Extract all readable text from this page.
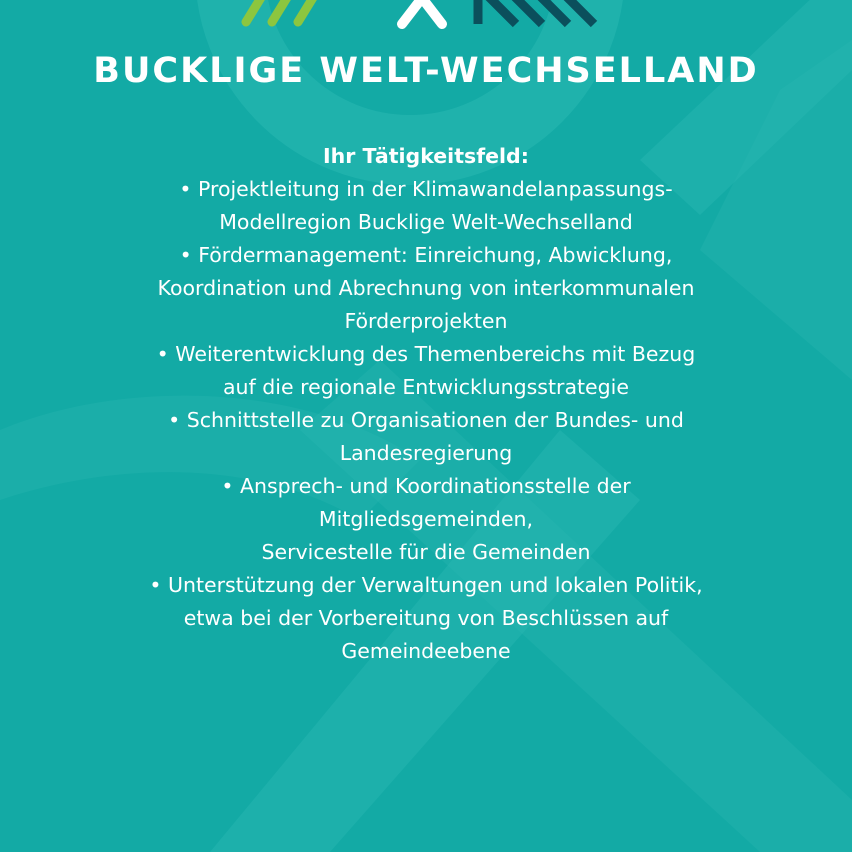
BUCKLIGE WELT-WECHSELLAND
Ihr Tätigkeitsfeld:
• Projektleitung in der Klimawandelanpassungs-
Modellregion Bucklige Welt-Wechselland
• Fördermanagement: Einreichung, Abwicklung,
Koordination und Abrechnung von interkommunalen
Förderprojekten
• Weiterentwicklung des Themenbereichs mit Bezug
auf die regionale Entwicklungsstrategie
• Schnittstelle zu Organisationen der Bundes- und
Landesregierung
• Ansprech- und Koordinationsstelle der
Mitgliedsgemeinden,
Servicestelle für die Gemeinden
• Unterstützung der Verwaltungen und lokalen Politik,
etwa bei der Vorbereitung von Beschlüssen auf
Gemeindeebene
